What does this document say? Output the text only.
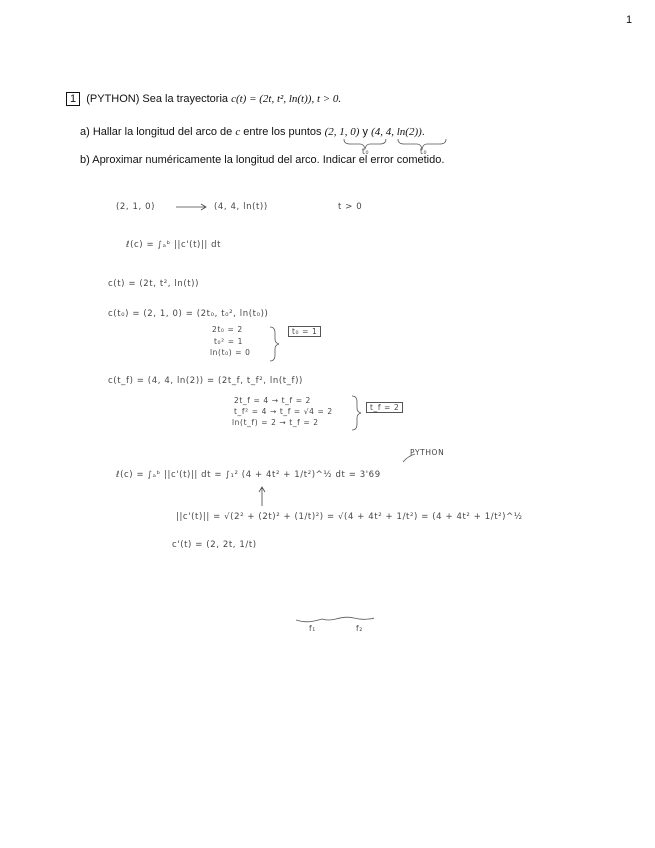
1
1 (PYTHON) Sea la trayectoria c(t) = (2t, t², ln(t)), t > 0.
a) Hallar la longitud del arco de c entre los puntos (2, 1, 0) y (4, 4, ln(2)).
b) Aproximar numéricamente la longitud del arco. Indicar el error cometido.
t₀	t₀
(2, 1, 0)	(4, 4, ln(t))	t > 0
ℓ(c) = ∫ₐᵇ ||c'(t)|| dt
c(t) = (2t, t², ln(t))
c(t₀) = (2, 1, 0) = (2t₀, t₀², ln(t₀))
2t₀ = 2
t₀² = 1
ln(t₀) = 0
t₀ = 1
c(t_f) = (4, 4, ln(2)) = (2t_f, t_f², ln(t_f))
2t_f = 4 → t_f = 2
t_f² = 4 → t_f = √4 = 2
ln(t_f) = 2 → t_f = 2
t_f = 2
PYTHON
ℓ(c) = ∫ₐᵇ ||c'(t)|| dt = ∫₁² (4 + 4t² + 1/t²)^½ dt = 3'69
||c'(t)|| = √(2² + (2t)² + (1/t)²) = √(4 + 4t² + 1/t²) = (4 + 4t² + 1/t²)^½
c'(t) = (2, 2t, 1/t)
f₁	f₂
